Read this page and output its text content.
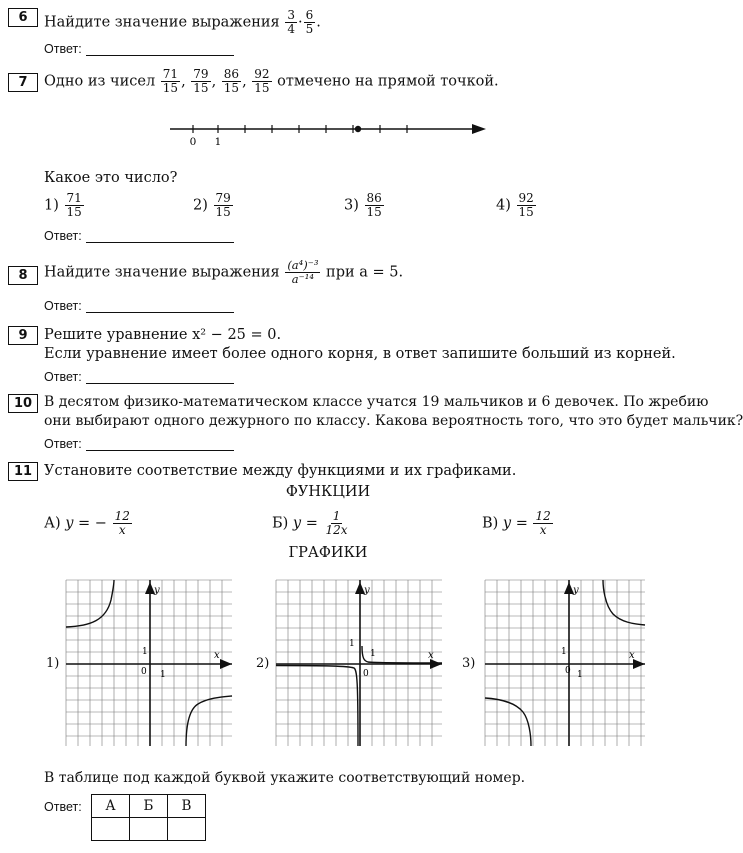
6	Найдите значение выражения $\frac{3}{4} \cdot \frac{6}{5}$ .
Ответ:
7	Одно из чисел $\frac{71}{15}$ , $\frac{79}{15}$ , $\frac{86}{15}$ , $\frac{92}{15}$ отмечено на прямой точкой.
0 1
Какое это число?
$1) \frac{71}{15}$	$2) \frac{79}{15}$	$3) \frac{86}{15}$	$4) \frac{92}{15}$
Ответ:
8	Найдите значение выражения $\frac{\text{(a⁴)⁻³}}{\text{a⁻¹⁴}}$ при a = 5.
Ответ:
9	Решите уравнение x² − 25 = 0.
Если уравнение имеет более одного корня, в ответ запишите больший из корней.
Ответ:
10 В десятом физико-математическом классе учатся 19 мальчиков и 6 девочек. По жребию
они выбирают одного дежурного по классу. Какова вероятность того, что это будет мальчик?
Ответ:
11 Установите соответствие между функциями и их графиками.
ФУНКЦИИ
А) y = − $\frac{12}{x}$	Б) $y = \frac{1}{12x}$	В) $y = \frac{12}{x}$
ГРАФИКИ
1)	2)	3)
y
x
1
0 1
y
x
1
0
1
y
x
1
0 1
В таблице под каждой буквой укажите соответствующий номер.
Ответ: А	Б	В
